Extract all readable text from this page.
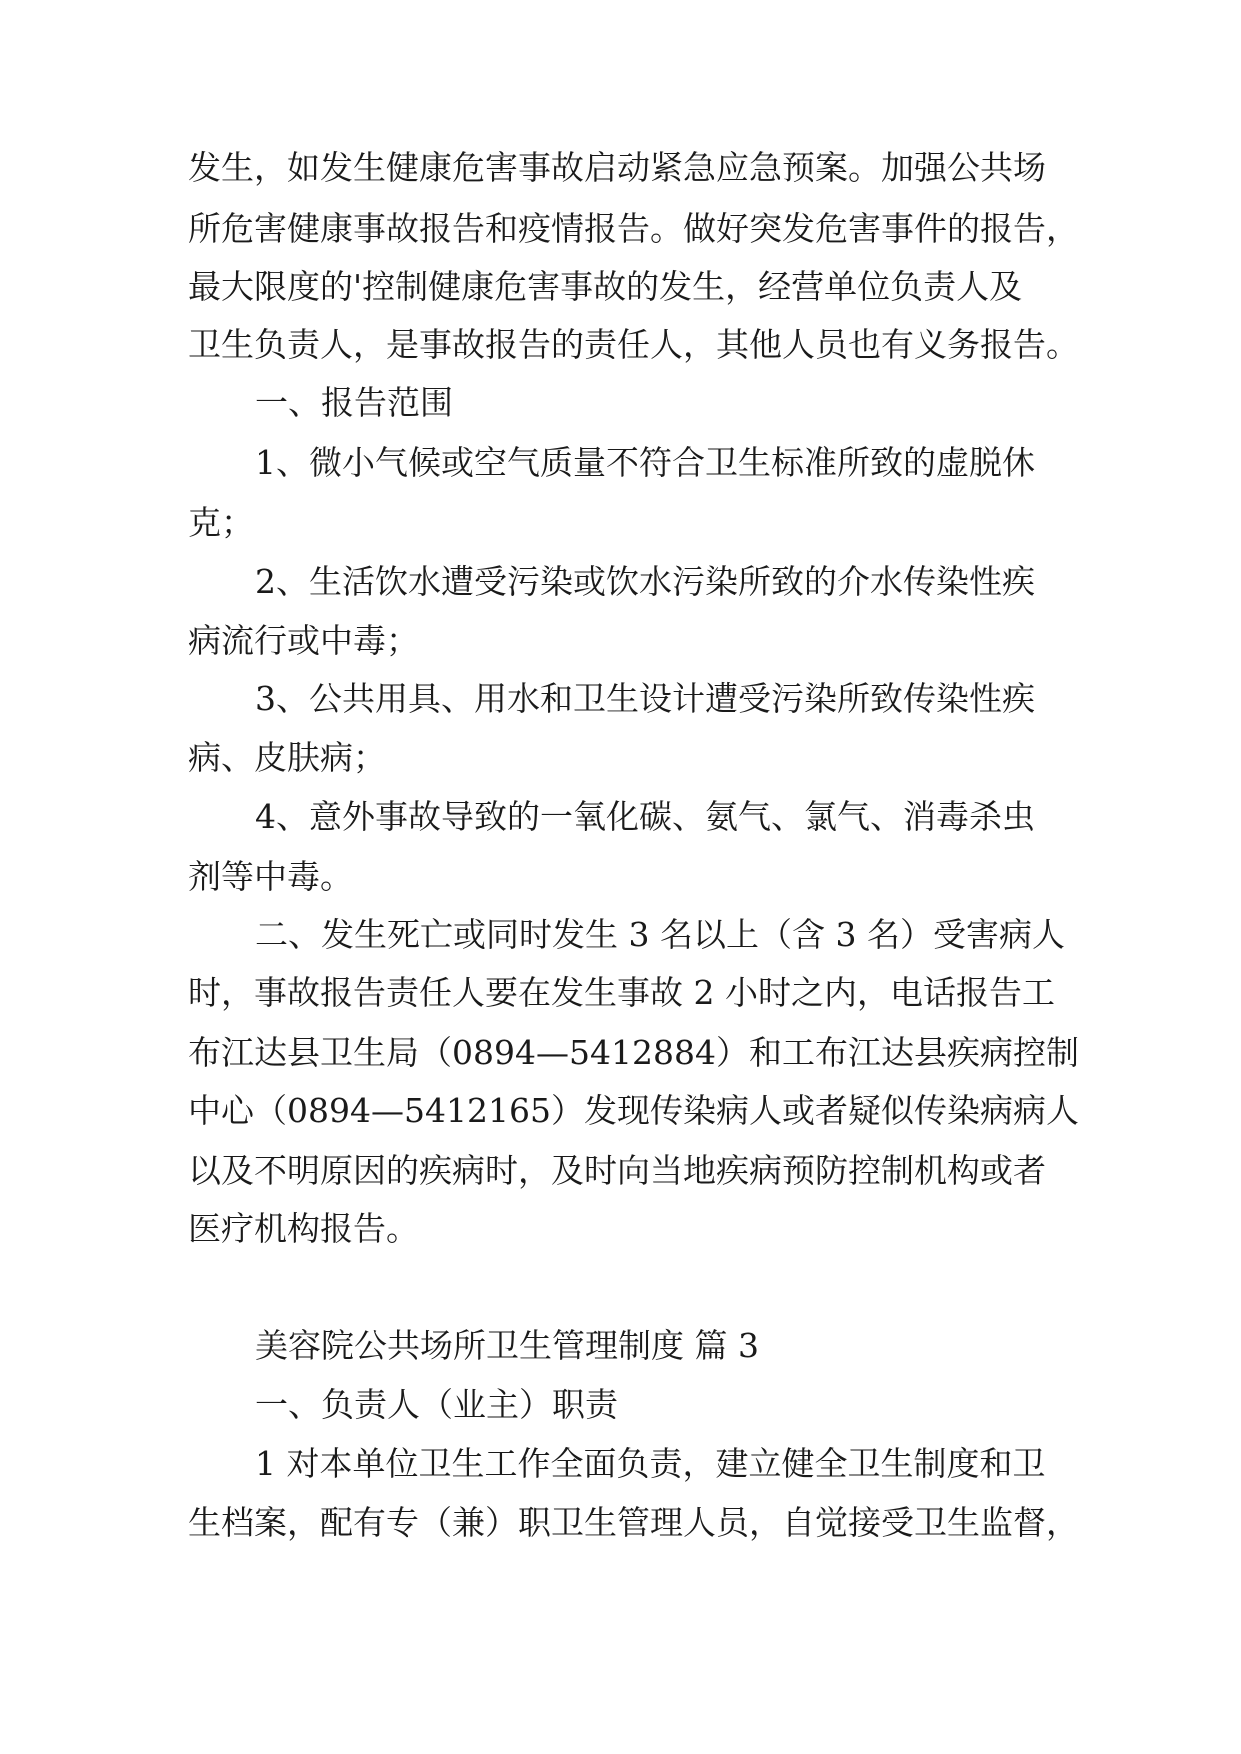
发生，如发生健康危害事故启动紧急应急预案。加强公共场
所危害健康事故报告和疫情报告。做好突发危害事件的报告，
最大限度的'控制健康危害事故的发生，经营单位负责人及
卫生负责人，是事故报告的责任人，其他人员也有义务报告。
一、报告范围
1、微小气候或空气质量不符合卫生标准所致的虚脱休
克；
2、生活饮水遭受污染或饮水污染所致的介水传染性疾
病流行或中毒；
3、公共用具、用水和卫生设计遭受污染所致传染性疾
病、皮肤病；
4、意外事故导致的一氧化碳、氨气、氯气、消毒杀虫
剂等中毒。
二、发生死亡或同时发生 3 名以上（含 3 名）受害病人
时，事故报告责任人要在发生事故 2 小时之内，电话报告工
布江达县卫生局（0894—5412884）和工布江达县疾病控制
中心（0894—5412165）发现传染病人或者疑似传染病病人
以及不明原因的疾病时，及时向当地疾病预防控制机构或者
医疗机构报告。
美容院公共场所卫生管理制度 篇 3
一、负责人（业主）职责
1 对本单位卫生工作全面负责，建立健全卫生制度和卫
生档案，配有专（兼）职卫生管理人员，自觉接受卫生监督，
